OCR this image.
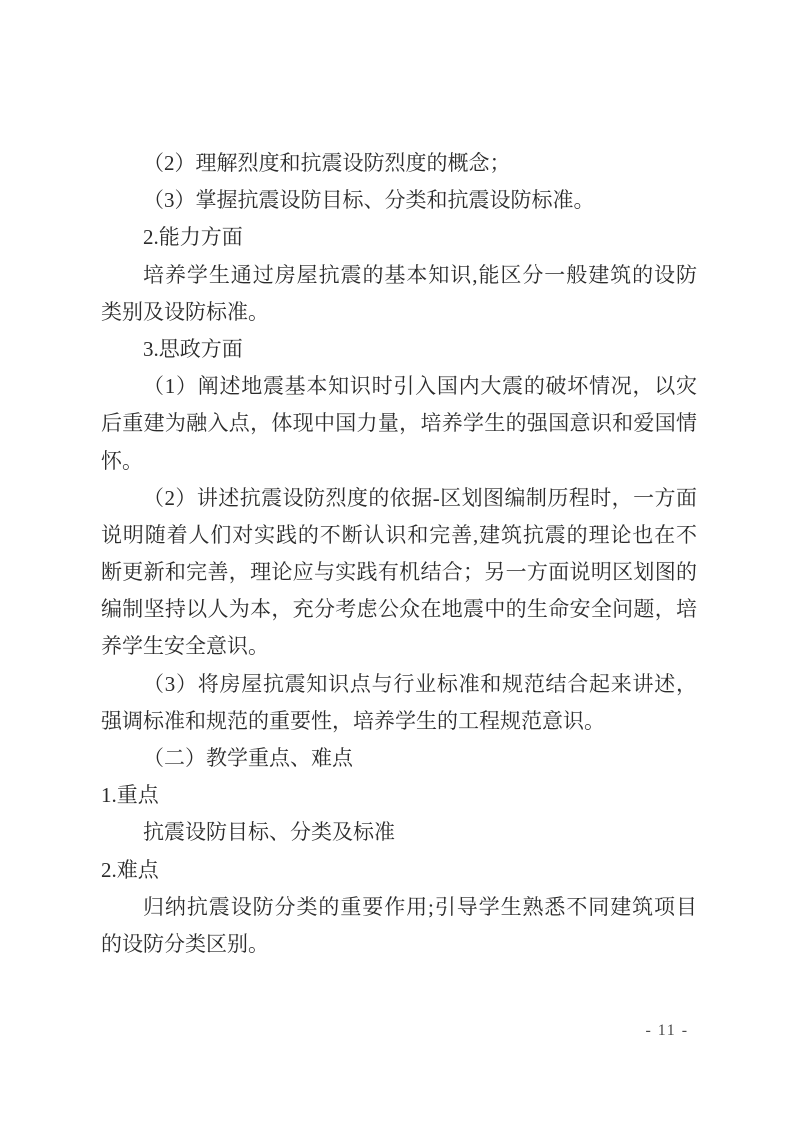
（2）理解烈度和抗震设防烈度的概念；
（3）掌握抗震设防目标、分类和抗震设防标准。
2.能力方面
培养学生通过房屋抗震的基本知识,能区分一般建筑的设防
类别及设防标准。
3.思政方面
（1）阐述地震基本知识时引入国内大震的破坏情况，以灾
后重建为融入点，体现中国力量，培养学生的强国意识和爱国情
怀。
（2）讲述抗震设防烈度的依据-区划图编制历程时，一方面
说明随着人们对实践的不断认识和完善,建筑抗震的理论也在不
断更新和完善，理论应与实践有机结合；另一方面说明区划图的
编制坚持以人为本，充分考虑公众在地震中的生命安全问题，培
养学生安全意识。
（3）将房屋抗震知识点与行业标准和规范结合起来讲述，
强调标准和规范的重要性，培养学生的工程规范意识。
（二）教学重点、难点
1.重点
抗震设防目标、分类及标准
2.难点
归纳抗震设防分类的重要作用;引导学生熟悉不同建筑项目
的设防分类区别。
- 11 -
